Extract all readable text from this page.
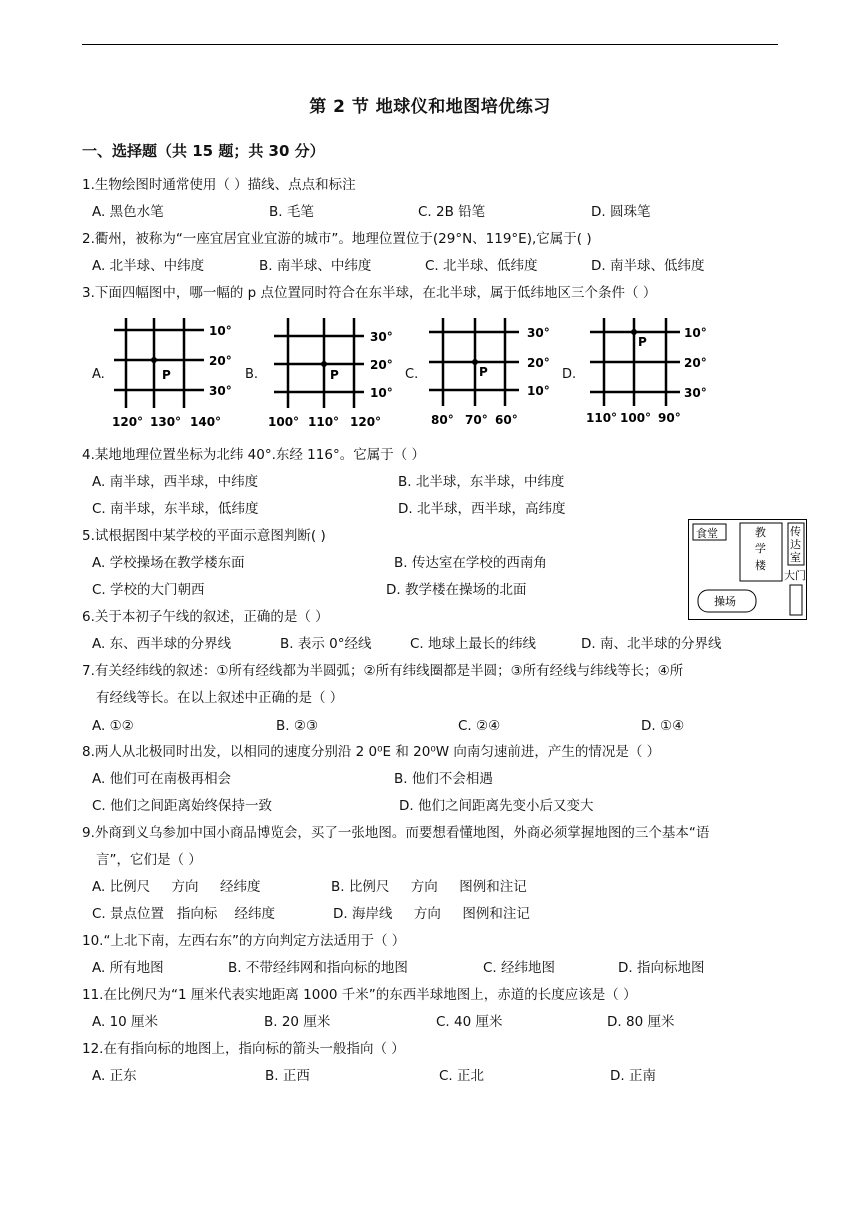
第 2 节 地球仪和地图培优练习
一、选择题（共 15 题；共 30 分）
1.生物绘图时通常使用（ ）描线、点点和标注
A. 黑色水笔	B. 毛笔	C. 2B 铅笔	D. 圆珠笔
2.衢州，被称为“一座宜居宜业宜游的城市”。地理位置位于(29°N、119°E),它属于( )
A. 北半球、中纬度	B. 南半球、中纬度	C. 北半球、低纬度	D. 南半球、低纬度
3.下面四幅图中，哪一幅的 p 点位置同时符合在东半球，在北半球，属于低纬地区三个条件（ ）
A.	B.	C.	D.
P
10°
20°
30°
120° 130° 140°
P
30°
20°
10°
100° 110° 120°
P
30°
20°
10°
80° 70° 60°
P
10°
20°
30°
110° 100° 90°
4.某地地理位置坐标为北纬 40°.东经 116°。它属于（ ）
A. 南半球，西半球，中纬度	B. 北半球，东半球，中纬度
C. 南半球，东半球，低纬度	D. 北半球，西半球，高纬度
5.试根据图中某学校的平面示意图判断( )
A. 学校操场在教学楼东面	B. 传达室在学校的西南角
C. 学校的大门朝西	D. 教学楼在操场的北面
食堂	教
学
楼
传
达
室
大门
操场
6.关于本初子午线的叙述，正确的是（ ）
A. 东、西半球的分界线	B. 表示 0°经线	C. 地球上最长的纬线	D. 南、北半球的分界线
7.有关经纬线的叙述：①所有经线都为半圆弧；②所有纬线圈都是半圆；③所有经线与纬线等长；④所
有经线等长。在以上叙述中正确的是（ ）
A. ①②	B. ②③	C. ②④	D. ①④
8.两人从北极同时出发，以相同的速度分别沿 2 0⁰E 和 20⁰W 向南匀速前进，产生的情况是（ ）
A. 他们可在南极再相会	B. 他们不会相遇
C. 他们之间距离始终保持一致	D. 他们之间距离先变小后又变大
9.外商到义乌参加中国小商品博览会，买了一张地图。而要想看懂地图，外商必须掌握地图的三个基本“语
言”，它们是（ ）
A. 比例尺     方向     经纬度	B. 比例尺     方向     图例和注记
C. 景点位置   指向标    经纬度	D. 海岸线     方向     图例和注记
10.“上北下南，左西右东”的方向判定方法适用于（ ）
A. 所有地图	B. 不带经纬网和指向标的地图	C. 经纬地图	D. 指向标地图
11.在比例尺为“1 厘米代表实地距离 1000 千米”的东西半球地图上，赤道的长度应该是（ ）
A. 10 厘米	B. 20 厘米	C. 40 厘米	D. 80 厘米
12.在有指向标的地图上，指向标的箭头一般指向（ ）
A. 正东	B. 正西	C. 正北	D. 正南
